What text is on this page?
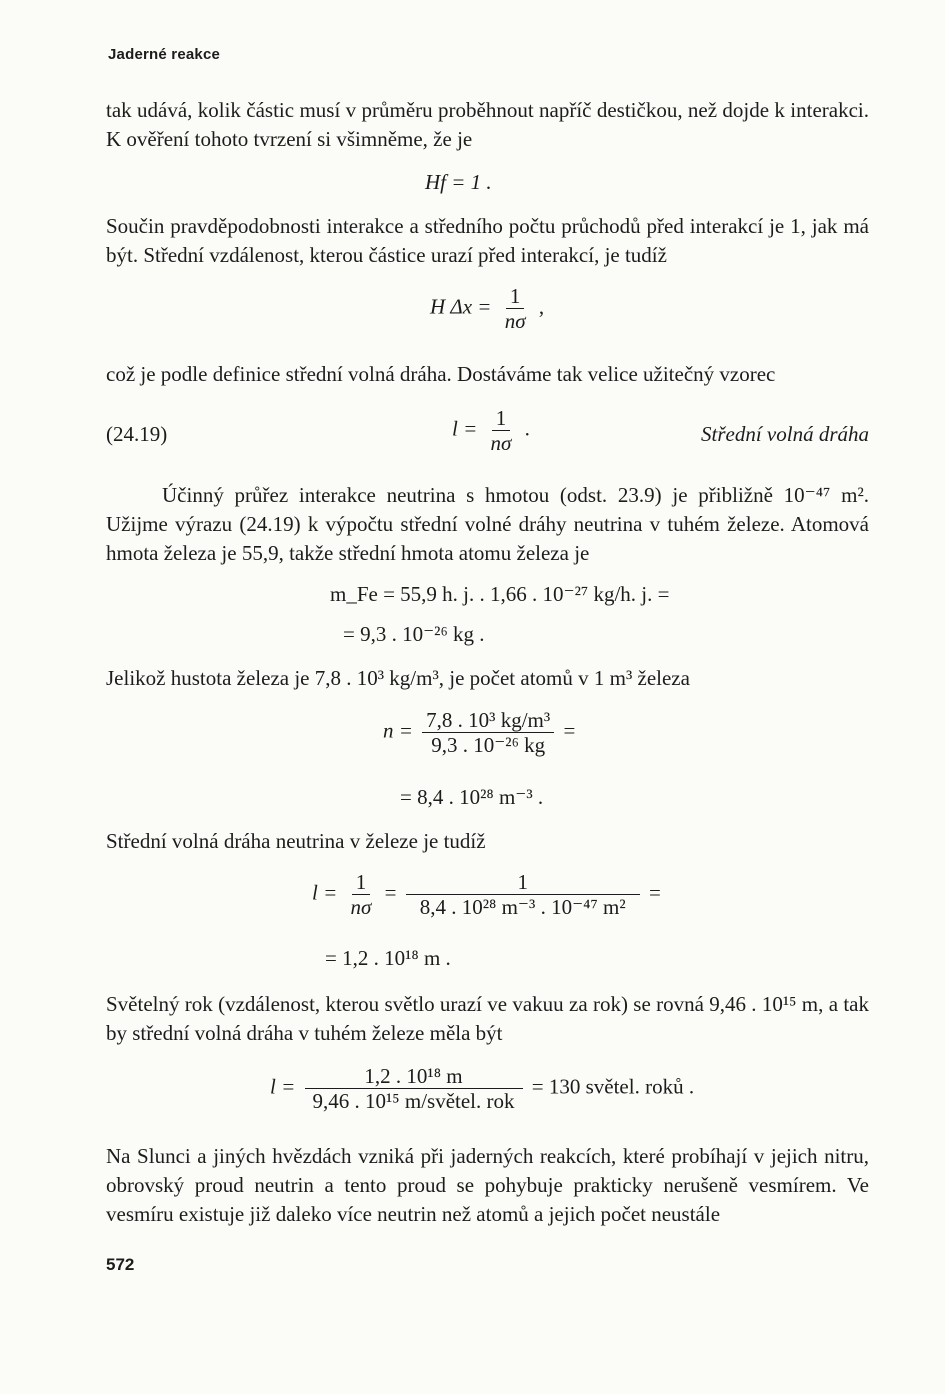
Jaderné reakce

tak udává, kolik částic musí v průměru proběhnout napříč destičkou, než dojde k interakci. K ověření tohoto tvrzení si všimněme, že je

Hf = 1 .

Součin pravděpodobnosti interakce a středního počtu průchodů před interakcí je 1, jak má být. Střední vzdálenost, kterou částice urazí před interakcí, je tudíž

H $\Delta x = \frac{1}{n\sigma}$ ,

což je podle definice střední volná dráha. Dostáváme tak velice užitečný vzorec

(24.19)	$l = \frac{1}{n\sigma}$ .	Střední volná dráha

Účinný průřez interakce neutrina s hmotou (odst. 23.9) je přibližně 10⁻⁴⁷ m². Užijme výrazu (24.19) k výpočtu střední volné dráhy neutrina v tuhém železe. Atomová hmota železa je 55,9, takže střední hmota atomu železa je

m_Fe = 55,9 h. j. . 1,66 . 10⁻²⁷ kg/h. j. =
= 9,3 . 10⁻²⁶ kg .

Jelikož hustota železa je 7,8 . 10³ kg/m³, je počet atomů v 1 m³ železa

$n = \frac{\text{7,8 . 10³ kg/m³}}{\text{9,3 . 10⁻²⁶ kg}}$ =
= 8,4 . 10²⁸ m⁻³ .

Střední volná dráha neutrina v železe je tudíž

$l = \frac{1}{n\sigma} = \frac{1}{\text{8,4 . 10²⁸ m⁻³ . 10⁻⁴⁷ m²}}$ =
= 1,2 . 10¹⁸ m .

Světelný rok (vzdálenost, kterou světlo urazí ve vakuu za rok) se rovná 9,46 . 10¹⁵ m, a tak by střední volná dráha v tuhém železe měla být

$l = \frac{\text{1,2 . 10¹⁸ m}}{\text{9,46 . 10¹⁵ m/světel. rok}} = 130$ světel. roků .

Na Slunci a jiných hvězdách vzniká při jaderných reakcích, které probíhají v jejich nitru, obrovský proud neutrin a tento proud se pohybuje prakticky nerušeně vesmírem. Ve vesmíru existuje již daleko více neutrin než atomů a jejich počet neustále

572
